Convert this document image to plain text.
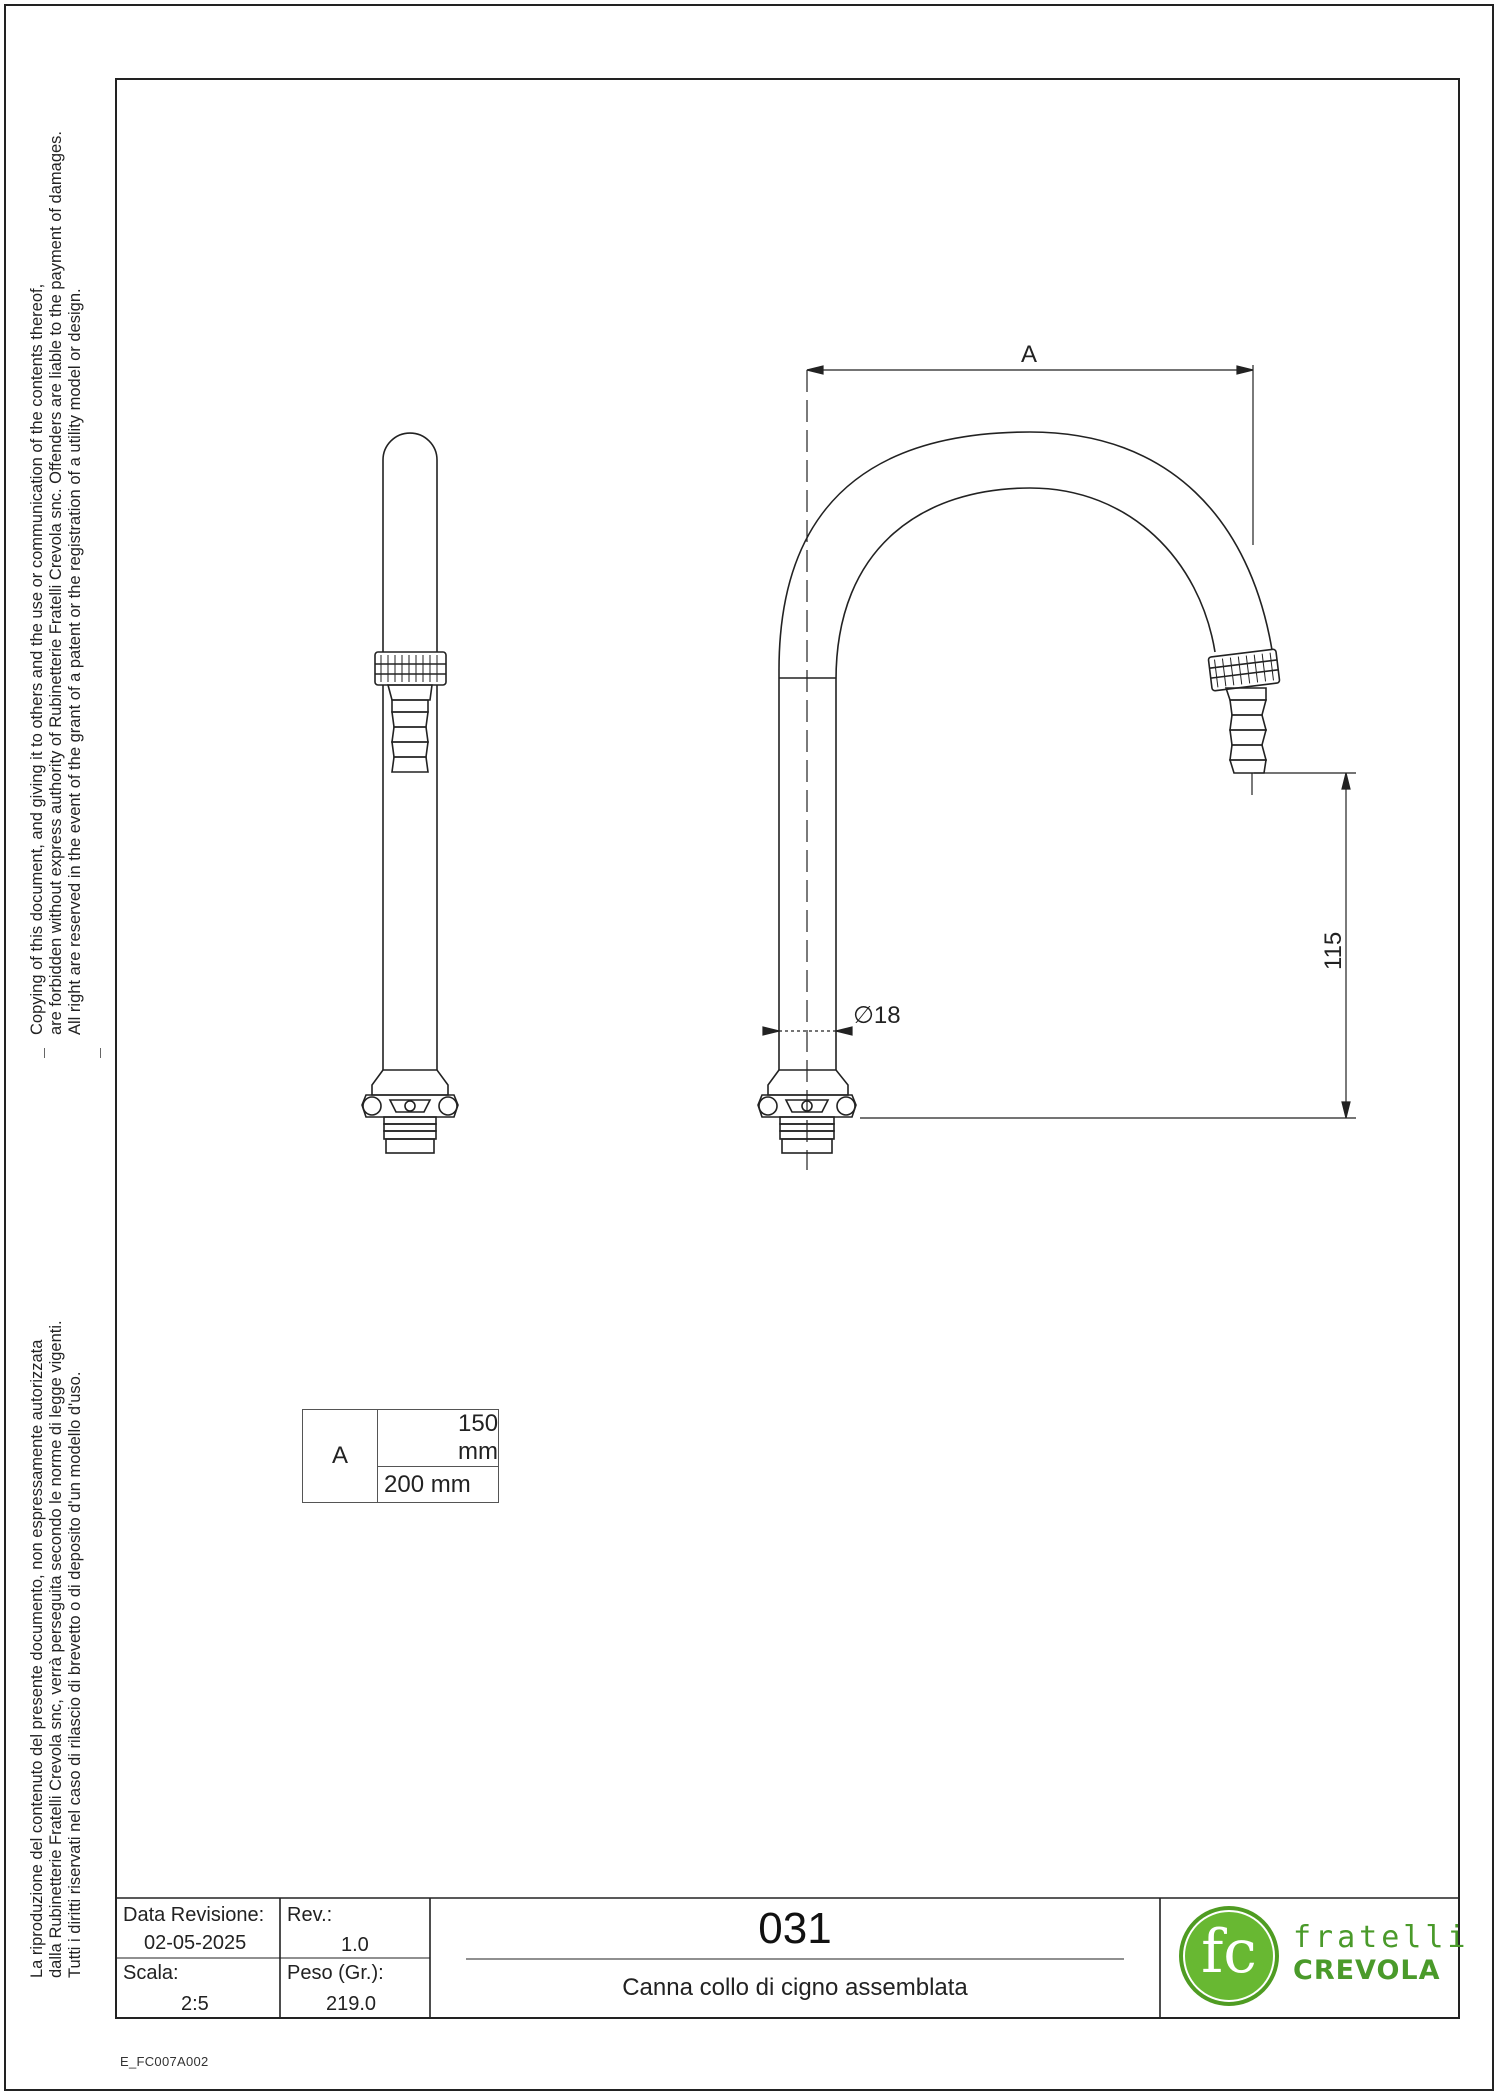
Copying of this document, and giving it to others and the use or communication of the contents thereof, are forbidden without express authority of Rubinetterie Fratelli Crevola snc. Offenders are liable to the payment of damages. All right are reserved in the event of the grant of a patent or the registration of a utility model or design.
La riproduzione del contenuto del presente documento, non espressamente autorizzata dalla Rubinetterie Fratelli Crevola snc, verrà perseguita secondo le norme di legge vigenti. Tutti i diritti riservati nel caso di rilascio di brevetto o di deposito d'un modello d'uso.	fc fratelli
CREVOLA
A
∅18
115
A	150 mm
200 mm
Data Revisione:
02-05-2025
Rev.:
1.0
Scala:
2:5
Peso (Gr.):
219.0
031
Canna collo di cigno assemblata
E_FC007A002
